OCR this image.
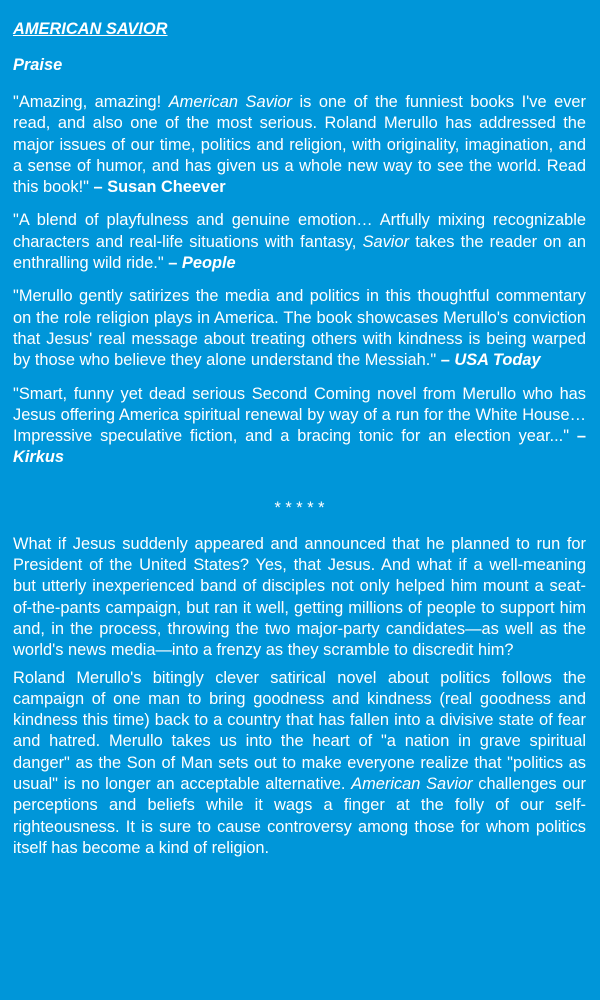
AMERICAN SAVIOR

Praise

"Amazing, amazing! American Savior is one of the funniest books I've ever read, and also one of the most serious. Roland Merullo has addressed the major issues of our time, politics and religion, with originality, imagination, and a sense of humor, and has given us a whole new way to see the world. Read this book!" – Susan Cheever

"A blend of playfulness and genuine emotion… Artfully mixing recognizable characters and real-life situations with fantasy, Savior takes the reader on an enthralling wild ride." – People

"Merullo gently satirizes the media and politics in this thoughtful commentary on the role religion plays in America. The book showcases Merullo's conviction that Jesus' real message about treating others with kindness is being warped by those who believe they alone understand the Messiah." – USA Today

"Smart, funny yet dead serious Second Coming novel from Merullo who has Jesus offering America spiritual renewal by way of a run for the White House… Impressive speculative fiction, and a bracing tonic for an election year..." – Kirkus

* * * * *

What if Jesus suddenly appeared and announced that he planned to run for President of the United States? Yes, that Jesus. And what if a well-meaning but utterly inexperienced band of disciples not only helped him mount a seat-of-the-pants campaign, but ran it well, getting millions of people to support him and, in the process, throwing the two major-party candidates—as well as the world's news media—into a frenzy as they scramble to discredit him?

Roland Merullo's bitingly clever satirical novel about politics follows the campaign of one man to bring goodness and kindness (real goodness and kindness this time) back to a country that has fallen into a divisive state of fear and hatred. Merullo takes us into the heart of "a nation in grave spiritual danger" as the Son of Man sets out to make everyone realize that "politics as usual" is no longer an acceptable alternative. American Savior challenges our perceptions and beliefs while it wags a finger at the folly of our self-righteousness. It is sure to cause controversy among those for whom politics itself has become a kind of religion.
